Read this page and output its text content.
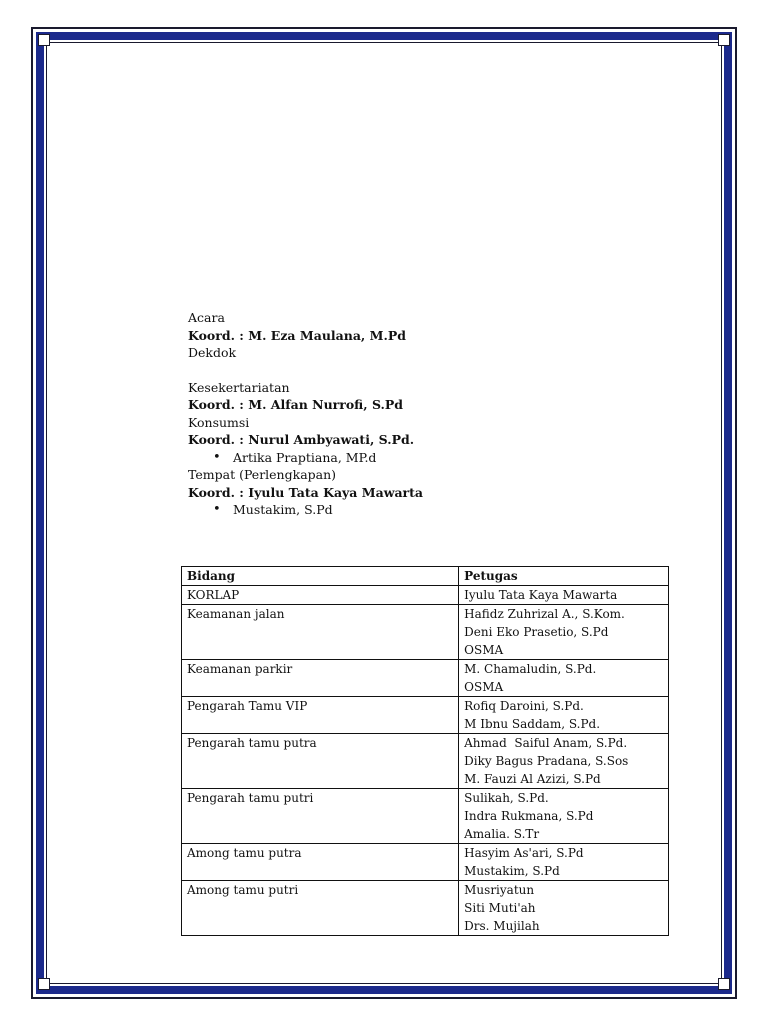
Acara

Koord. : M. Eza Maulana, M.Pd

Dekdok

Kesekertariatan

Koord. : M. Alfan Nurrofi, S.Pd

Konsumsi

Koord. : Nurul Ambyawati, S.Pd.

• Artika Praptiana, MP.d

Tempat (Perlengkapan)

Koord. : Iyulu Tata Kaya Mawarta

• Mustakim, S.Pd
Bidang	Petugas
KORLAP	Iyulu Tata Kaya Mawarta

Keamanan jalan	Hafidz Zuhrizal A., S.Kom.
Deni Eko Prasetio, S.Pd
OSMA

Keamanan parkir	M. Chamaludin, S.Pd.
OSMA

Pengarah Tamu VIP	Rofiq Daroini, S.Pd.
M Ibnu Saddam, S.Pd.

Pengarah tamu putra	Ahmad  Saiful Anam, S.Pd.
Diky Bagus Pradana, S.Sos
M. Fauzi Al Azizi, S.Pd

Pengarah tamu putri	Sulikah, S.Pd.
Indra Rukmana, S.Pd
Amalia. S.Tr

Among tamu putra	Hasyim As'ari, S.Pd
Mustakim, S.Pd

Among tamu putri	Musriyatun
Siti Muti'ah
Drs. Mujilah
